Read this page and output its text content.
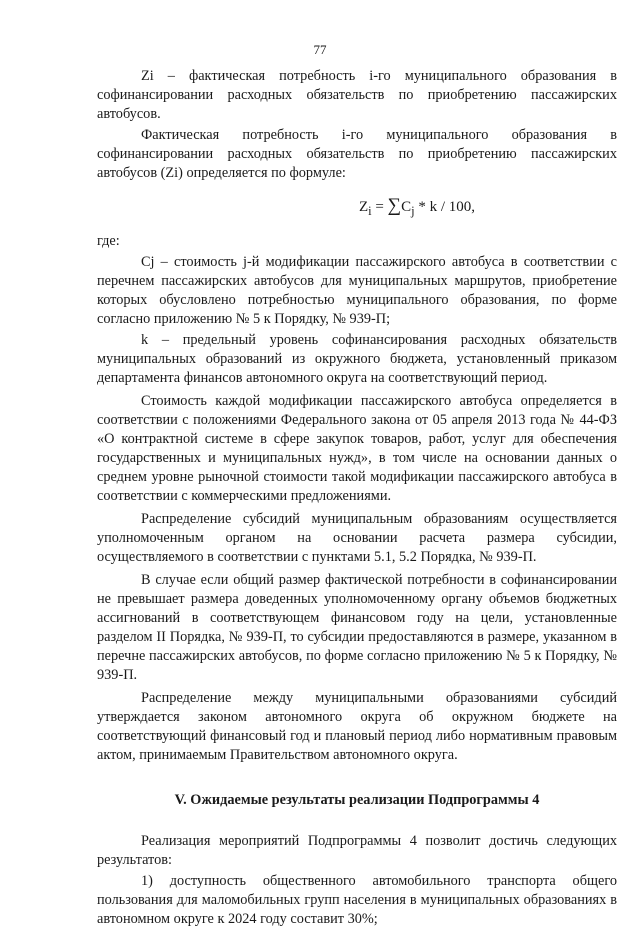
77

Zi – фактическая потребность i-го муниципального образования в софинансировании расходных обязательств по приобретению пассажирских автобусов.

Фактическая потребность i-го муниципального образования в софинансировании расходных обязательств по приобретению пассажирских автобусов (Zi) определяется по формуле:

$Z_i = \sum C_j * k / 100$,

где:

Cj – стоимость j-й модификации пассажирского автобуса в соответствии с перечнем пассажирских автобусов для муниципальных маршрутов, приобретение которых обусловлено потребностью муниципального образования, по форме согласно приложению № 5 к Порядку, № 939-П;

k – предельный уровень софинансирования расходных обязательств муниципальных образований из окружного бюджета, установленный приказом департамента финансов автономного округа на соответствующий период.

Стоимость каждой модификации пассажирского автобуса определяется в соответствии с положениями Федерального закона от 05 апреля 2013 года № 44-ФЗ «О контрактной системе в сфере закупок товаров, работ, услуг для обеспечения государственных и муниципальных нужд», в том числе на основании данных о среднем уровне рыночной стоимости такой модификации пассажирского автобуса в соответствии с коммерческими предложениями.

Распределение субсидий муниципальным образованиям осуществляется уполномоченным органом на основании расчета размера субсидии, осуществляемого в соответствии с пунктами 5.1, 5.2 Порядка, № 939-П.

В случае если общий размер фактической потребности в софинансировании не превышает размера доведенных уполномоченному органу объемов бюджетных ассигнований в соответствующем финансовом году на цели, установленные разделом II Порядка, № 939-П, то субсидии предоставляются в размере, указанном в перечне пассажирских автобусов, по форме согласно приложению № 5 к Порядку, № 939-П.

Распределение между муниципальными образованиями субсидий утверждается законом автономного округа об окружном бюджете на соответствующий финансовый год и плановый период либо нормативным правовым актом, принимаемым Правительством автономного округа.

V. Ожидаемые результаты реализации Подпрограммы 4

Реализация мероприятий Подпрограммы 4 позволит достичь следующих результатов:

1) доступность общественного автомобильного транспорта общего пользования для маломобильных групп населения в муниципальных образованиях в автономном округе к 2024 году составит 30%;
